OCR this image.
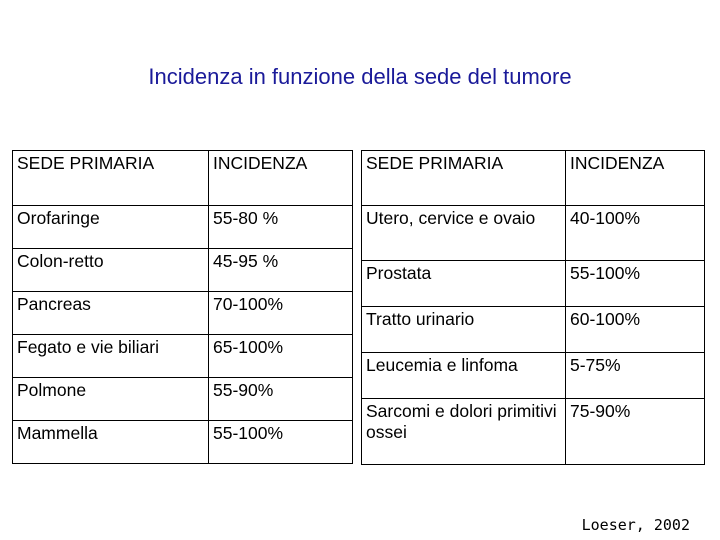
Incidenza in funzione della sede del tumore
SEDE PRIMARIA	INCIDENZA
Orofaringe	55-80 %
Colon-retto	45-95 %
Pancreas	70-100%
Fegato e vie biliari	65-100%
Polmone	55-90%
Mammella	55-100%
SEDE PRIMARIA	INCIDENZA
Utero, cervice e ovaio	40-100%
Prostata	55-100%
Tratto urinario	60-100%
Leucemia e linfoma	5-75%
Sarcomi e dolori primitivi ossei	75-90%
Loeser, 2002
